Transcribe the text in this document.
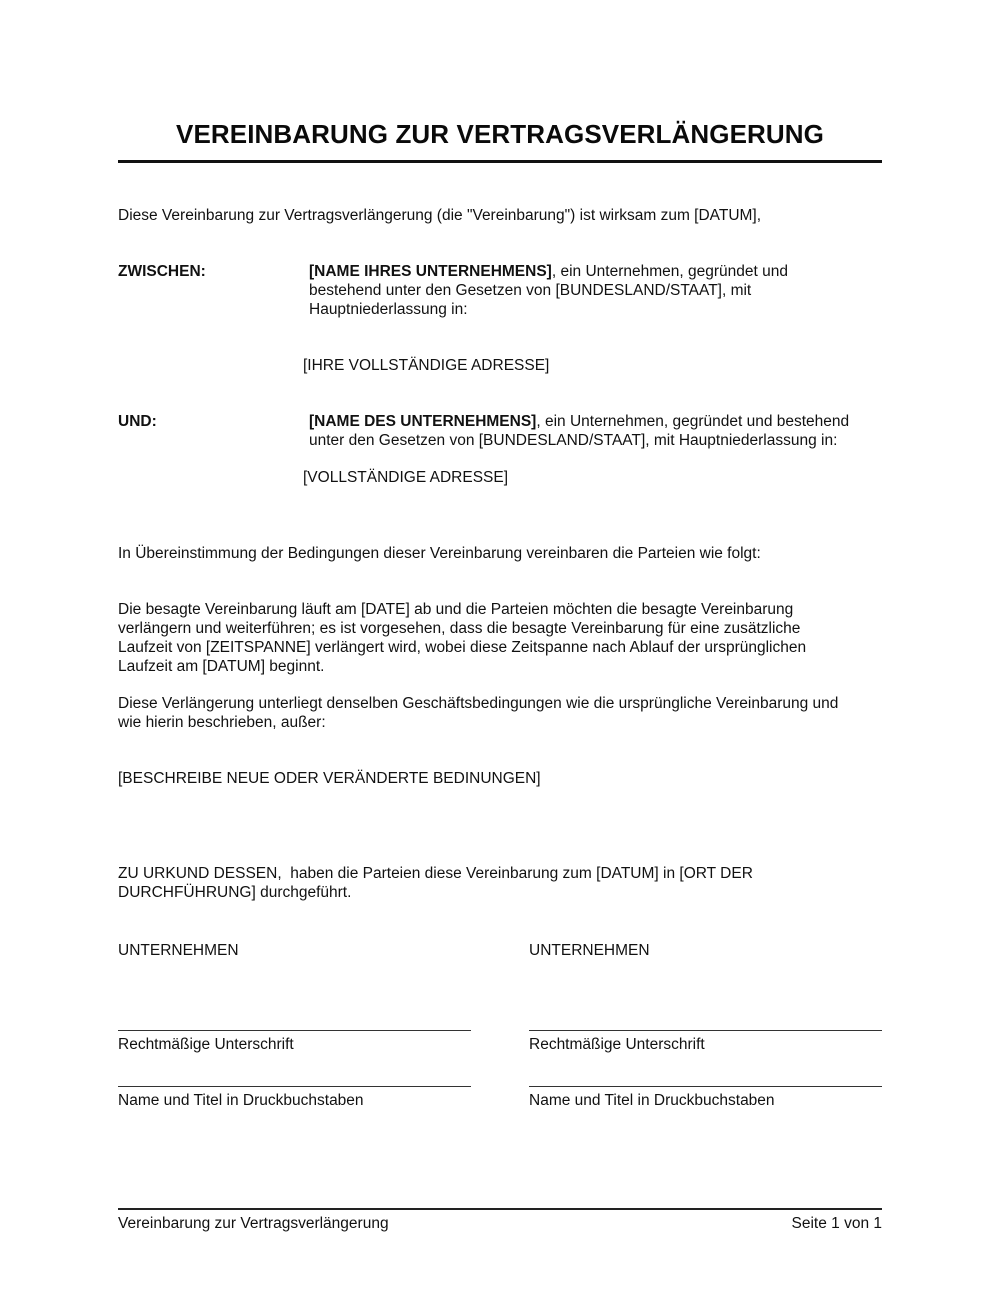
VEREINBARUNG ZUR VERTRAGSVERLÄNGERUNG
Diese Vereinbarung zur Vertragsverlängerung (die "Vereinbarung") ist wirksam zum [DATUM],
ZWISCHEN:	[NAME IHRES UNTERNEHMENS], ein Unternehmen, gegründet und
bestehend unter den Gesetzen von [BUNDESLAND/STAAT], mit
Hauptniederlassung in:
[IHRE VOLLSTÄNDIGE ADRESSE]
UND:	[NAME DES UNTERNEHMENS], ein Unternehmen, gegründet und bestehend
unter den Gesetzen von [BUNDESLAND/STAAT], mit Hauptniederlassung in:
[VOLLSTÄNDIGE ADRESSE]
In Übereinstimmung der Bedingungen dieser Vereinbarung vereinbaren die Parteien wie folgt:
Die besagte Vereinbarung läuft am [DATE] ab und die Parteien möchten die besagte Vereinbarung
verlängern und weiterführen; es ist vorgesehen, dass die besagte Vereinbarung für eine zusätzliche
Laufzeit von [ZEITSPANNE] verlängert wird, wobei diese Zeitspanne nach Ablauf der ursprünglichen
Laufzeit am [DATUM] beginnt.
Diese Verlängerung unterliegt denselben Geschäftsbedingungen wie die ursprüngliche Vereinbarung und
wie hierin beschrieben, außer:
[BESCHREIBE NEUE ODER VERÄNDERTE BEDINUNGEN]
ZU URKUND DESSEN,  haben die Parteien diese Vereinbarung zum [DATUM] in [ORT DER
DURCHFÜHRUNG] durchgeführt.
UNTERNEHMEN
Rechtmäßige Unterschrift
Name und Titel in Druckbuchstaben
UNTERNEHMEN
Rechtmäßige Unterschrift
Name und Titel in Druckbuchstaben
Vereinbarung zur Vertragsverlängerung	Seite 1 von 1
